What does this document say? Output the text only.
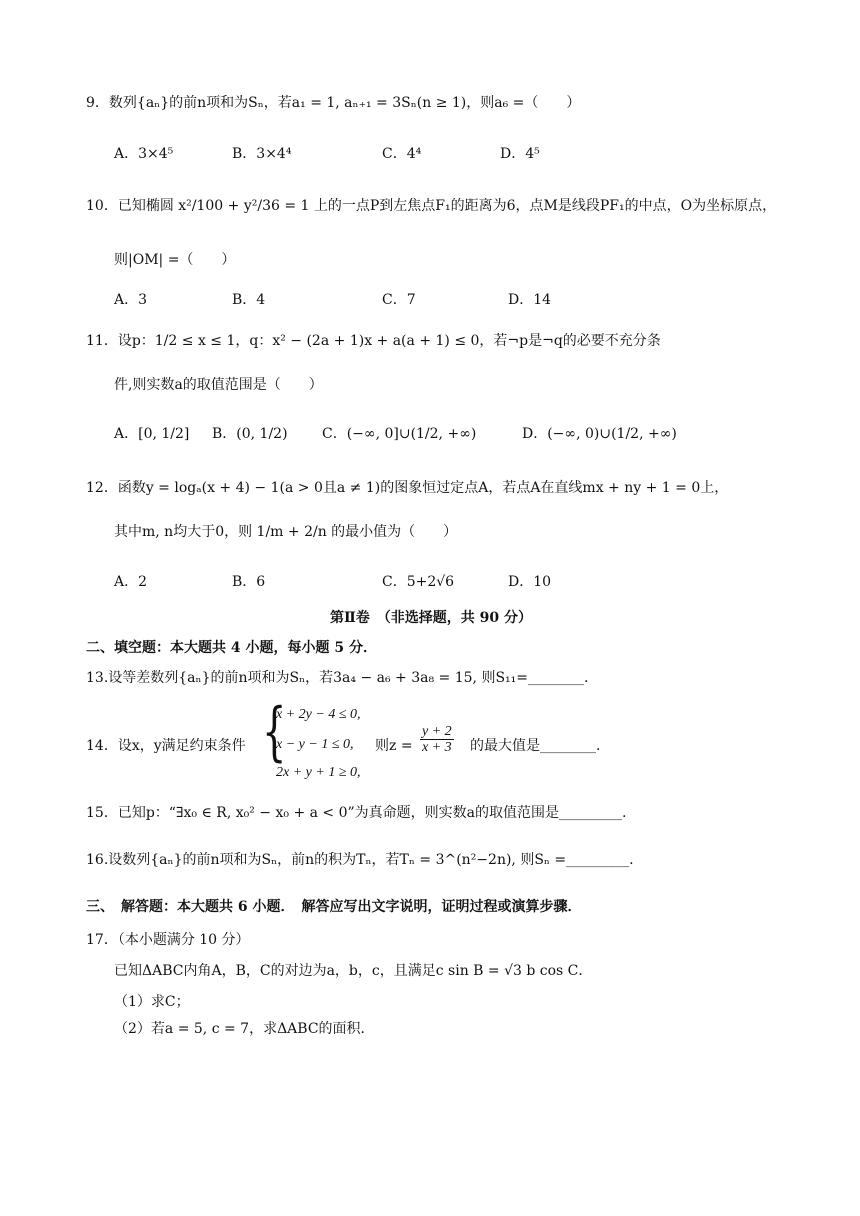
9．数列{aₙ}的前n项和为Sₙ，若a₁ = 1, aₙ₊₁ = 3Sₙ(n ≥ 1)，则a₆ =（　　）
A．3×4⁵	B．3×4⁴	C．4⁴	D．4⁵
10．已知椭圆 x²/100 + y²/36 = 1 上的一点P到左焦点F₁的距离为6，点M是线段PF₁的中点，O为坐标原点，
则|OM| =（　　）
A．3	B．4	C．7	D．14
11．设p：1/2 ≤ x ≤ 1，q：x² − (2a + 1)x + a(a + 1) ≤ 0，若¬p是¬q的必要不充分条
件,则实数a的取值范围是（　　）
A．[0, 1/2] B．(0, 1/2) C．(−∞, 0]∪(1/2, +∞)	D．(−∞, 0)∪(1/2, +∞)
12．函数y = logₐ(x + 4) − 1(a > 0且a ≠ 1)的图象恒过定点A，若点A在直线mx + ny + 1 = 0上，
其中m, n均大于0，则 1/m + 2/n 的最小值为（　　）
A．2	B．6	C．5+2√6	D．10
第Ⅱ卷　（非选择题，共 90 分）
二、填空题：本大题共 4 小题，每小题 5 分．
13.设等差数列{aₙ}的前n项和为Sₙ，若3a₄ − a₆ + 3a₈ = 15, 则S₁₁=________.
14．设x，y满足约束条件 {
x + 2y − 4 ≤ 0,
x − y − 1 ≤ 0,
2x + y + 1 ≥ 0,
则$z = \frac{y + 2}{x + 3}$ 的最大值是________.
15．已知p：“∃x₀ ∈ R, x₀² − x₀ + a < 0”为真命题，则实数a的取值范围是_________.
16.设数列{aₙ}的前n项和为Sₙ，前n的积为Tₙ，若Tₙ = 3^(n²−2n), 则Sₙ =_________.
三、　解答题：本大题共 6 小题．　解答应写出文字说明，证明过程或演算步骤．
17．（本小题满分 10 分）
已知ΔABC内角A，B，C的对边为a，b，c，且满足c sin B = √3 b cos C．
（1）求C；
（2）若a = 5, c = 7，求ΔABC的面积．
